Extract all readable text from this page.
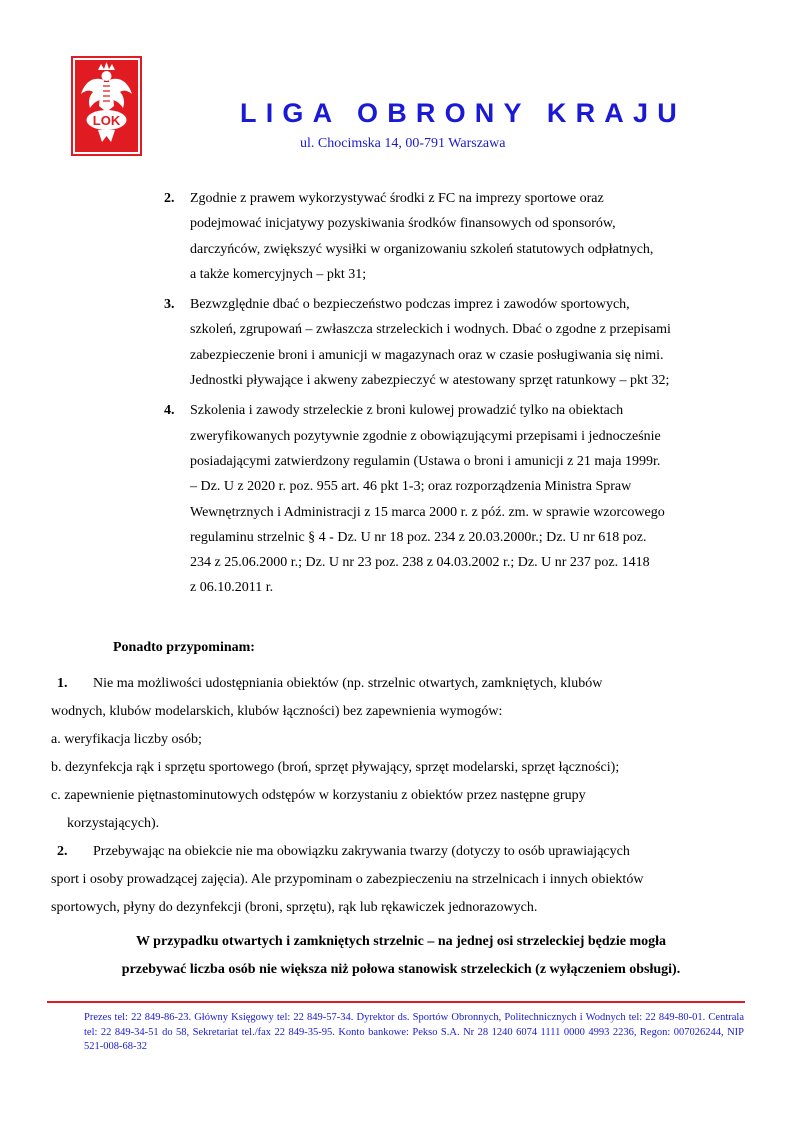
LOK	LIGA OBRONY KRAJU
ul. Chocimska 14, 00-791 Warszawa
2. Zgodnie z prawem wykorzystywać środki z FC na imprezy sportowe oraz
podejmować inicjatywy pozyskiwania środków finansowych od sponsorów,
darczyńców, zwiększyć wysiłki w organizowaniu szkoleń statutowych odpłatnych,
a także komercyjnych – pkt 31;
3. Bezwzględnie dbać o bezpieczeństwo podczas imprez i zawodów sportowych,
szkoleń, zgrupowań – zwłaszcza strzeleckich i wodnych. Dbać o zgodne z przepisami
zabezpieczenie broni i amunicji w magazynach oraz w czasie posługiwania się nimi.
Jednostki pływające i akweny zabezpieczyć w atestowany sprzęt ratunkowy – pkt 32;
4. Szkolenia i zawody strzeleckie z broni kulowej prowadzić tylko na obiektach
zweryfikowanych pozytywnie zgodnie z obowiązującymi przepisami i jednocześnie
posiadającymi zatwierdzony regulamin (Ustawa o broni i amunicji z 21 maja 1999r.
– Dz. U z 2020 r. poz. 955 art. 46 pkt 1-3; oraz rozporządzenia Ministra Spraw
Wewnętrznych i Administracji z 15 marca 2000 r. z póź. zm. w sprawie wzorcowego
regulaminu strzelnic § 4 - Dz. U nr 18 poz. 234 z 20.03.2000r.; Dz. U nr 618 poz.
234 z 25.06.2000 r.; Dz. U nr 23 poz. 238 z 04.03.2002 r.; Dz. U nr 237 poz. 1418
z 06.10.2011 r.
Ponadto przypominam:
1. Nie ma możliwości udostępniania obiektów (np. strzelnic otwartych, zamkniętych, klubów
wodnych, klubów modelarskich, klubów łączności) bez zapewnienia wymogów:
a. weryfikacja liczby osób;
b. dezynfekcja rąk i sprzętu sportowego (broń, sprzęt pływający, sprzęt modelarski, sprzęt łączności);
c. zapewnienie piętnastominutowych odstępów w korzystaniu z obiektów przez następne grupy
korzystających).
2. Przebywając na obiekcie nie ma obowiązku zakrywania twarzy (dotyczy to osób uprawiających
sport i osoby prowadzącej zajęcia). Ale przypominam o zabezpieczeniu na strzelnicach i innych obiektów
sportowych, płyny do dezynfekcji (broni, sprzętu), rąk lub rękawiczek jednorazowych.
W przypadku otwartych i zamkniętych strzelnic – na jednej osi strzeleckiej będzie mogła
przebywać liczba osób nie większa niż połowa stanowisk strzeleckich (z wyłączeniem obsługi).
Prezes tel: 22 849-86-23. Główny Księgowy tel: 22 849-57-34. Dyrektor ds. Sportów Obronnych, Politechnicznych i Wodnych tel: 22 849-80-01. Centrala tel: 22 849-34-51 do 58, Sekretariat tel./fax 22 849-35-95. Konto bankowe: Pekso S.A. Nr 28 1240 6074 1111 0000 4993 2236, Regon: 007026244, NIP 521-008-68-32
